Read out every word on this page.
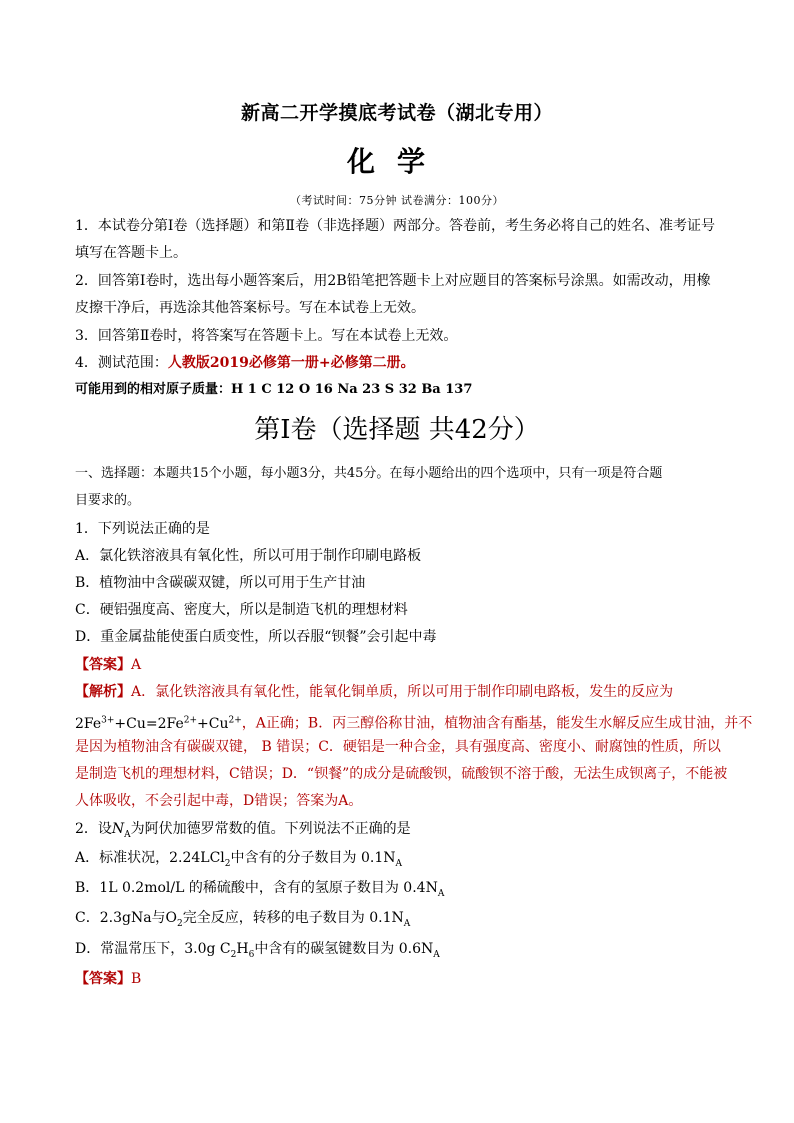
新高二开学摸底考试卷（湖北专用）
化学
（考试时间：75分钟 试卷满分：100分）
1．本试卷分第Ⅰ卷（选择题）和第Ⅱ卷（非选择题）两部分。答卷前，考生务必将自己的姓名、准考证号
填写在答题卡上。
2．回答第Ⅰ卷时，选出每小题答案后，用2B铅笔把答题卡上对应题目的答案标号涂黑。如需改动，用橡
皮擦干净后，再选涂其他答案标号。写在本试卷上无效。
3．回答第Ⅱ卷时，将答案写在答题卡上。写在本试卷上无效。
4．测试范围：人教版2019必修第一册+必修第二册。
可能用到的相对原子质量：H 1 C 12 O 16 Na 23 S 32 Ba 137
第Ⅰ卷（选择题 共42分）
一、选择题：本题共15个小题，每小题3分，共45分。在每小题给出的四个选项中，只有一项是符合题
目要求的。
1．下列说法正确的是
A．氯化铁溶液具有氧化性，所以可用于制作印刷电路板
B．植物油中含碳碳双键，所以可用于生产甘油
C．硬铝强度高、密度大，所以是制造飞机的理想材料
D．重金属盐能使蛋白质变性，所以吞服“钡餐”会引起中毒
【答案】A
【解析】A．氯化铁溶液具有氧化性，能氧化铜单质，所以可用于制作印刷电路板，发生的反应为
$2Fe^{3+}+Cu=2Fe^{2+}+Cu^{2+}$，A正确；B．丙三醇俗称甘油，植物油含有酯基，能发生水解反应生成甘油，并不
是因为植物油含有碳碳双键， B 错误；C．硬铝是一种合金，具有强度高、密度小、耐腐蚀的性质，所以
是制造飞机的理想材料，C错误；D．“钡餐”的成分是硫酸钡，硫酸钡不溶于酸，无法生成钡离子，不能被
人体吸收，不会引起中毒，D错误；答案为A。
2．设$N_A$为阿伏加德罗常数的值。下列说法不正确的是
A．标准状况，2.24LCl$_2$中含有的分子数目为 $0.1N_A$
B．1L 0.2mol/L 的稀硫酸中，含有的氢原子数目为 $0.4N_A$
C．2.3gNa与$O_2$完全反应，转移的电子数目为 $0.1N_A$
D．常温常压下，3.0g $C_2H_6$中含有的碳氢键数目为 $0.6N_A$
【答案】B
